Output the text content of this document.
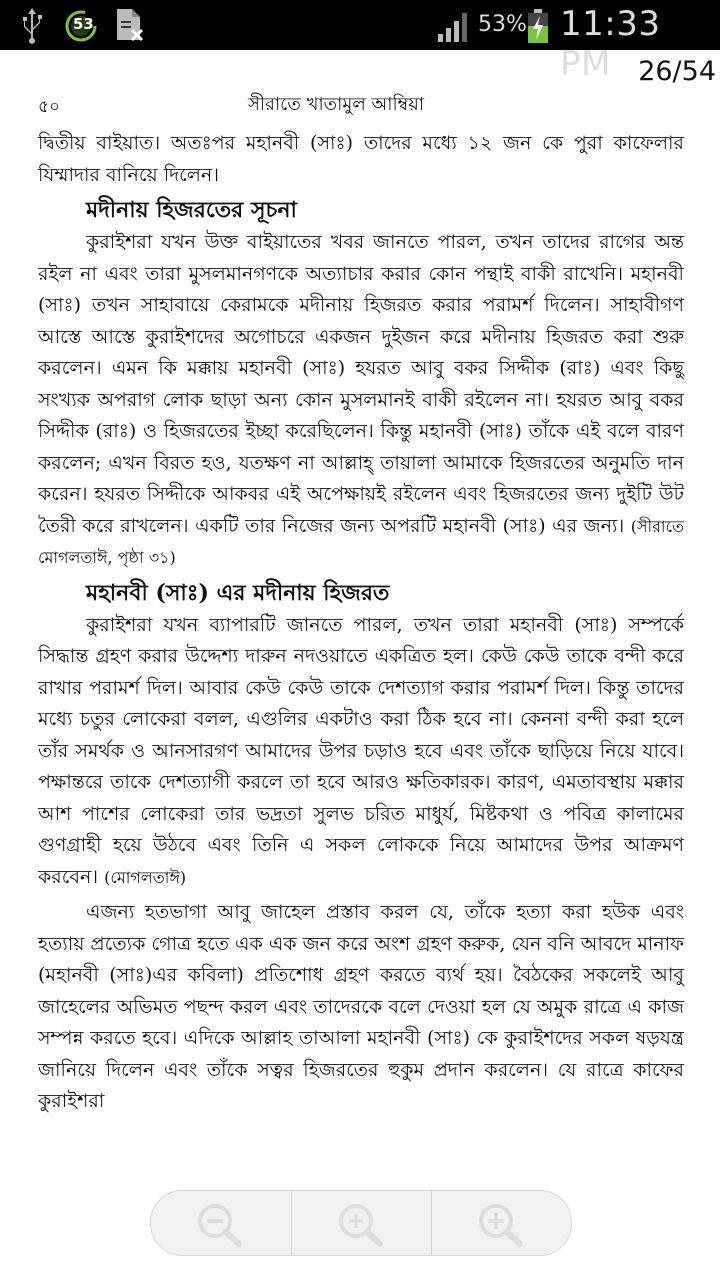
53	53% 11:33 PM	26/54
৫০	সীরাতে খাতামুল আম্বিয়া

দ্বিতীয় বাইয়াত। অতঃপর মহানবী (সাঃ) তাদের মধ্যে ১২ জন কে পুরা কাফেলার যিম্মাদার বানিয়ে দিলেন।

মদীনায় হিজরতের সূচনা

কুরাইশরা যখন উক্ত বাইয়াতের খবর জানতে পারল, তখন তাদের রাগের অন্ত রইল না এবং তারা মুসলমানগণকে অত্যাচার করার কোন পন্থাই বাকী রাখেনি। মহানবী (সাঃ) তখন সাহাবায়ে কেরামকে মদীনায় হিজরত করার পরামর্শ দিলেন। সাহাবীগণ আস্তে আস্তে কুরাইশদের অগোচরে একজন দুইজন করে মদীনায় হিজরত করা শুরু করলেন। এমন কি মক্কায় মহানবী (সাঃ) হযরত আবু বকর সিদ্দীক (রাঃ) এবং কিছু সংখ্যক অপরাগ লোক ছাড়া অন্য কোন মুসলমানই বাকী রইলেন না। হযরত আবু বকর সিদ্দীক (রাঃ) ও হিজরতের ইচ্ছা করেছিলেন। কিন্তু মহানবী (সাঃ) তাঁকে এই বলে বারণ করলেন; এখন বিরত হও, যতক্ষণ না আল্লাহ্ তায়ালা আমাকে হিজরতের অনুমতি দান করেন। হযরত সিদ্দীকে আকবর এই অপেক্ষায়ই রইলেন এবং হিজরতের জন্য দুইটি উট তৈরী করে রাখলেন। একটি তার নিজের জন্য অপরটি মহানবী (সাঃ) এর জন্য। (সীরাতে মোগলতাঈ, পৃষ্ঠা ৩১)

মহানবী (সাঃ) এর মদীনায় হিজরত

কুরাইশরা যখন ব্যাপারটি জানতে পারল, তখন তারা মহানবী (সাঃ) সম্পর্কে সিদ্ধান্ত গ্রহণ করার উদ্দেশ্য দারুন নদওয়াতে একত্রিত হল। কেউ কেউ তাকে বন্দী করে রাখার পরামর্শ দিল। আবার কেউ কেউ তাকে দেশত্যাগ করার পরামর্শ দিল। কিন্তু তাদের মধ্যে চতুর লোকেরা বলল, এগুলির একটাও করা ঠিক হবে না। কেননা বন্দী করা হলে তাঁর সমর্থক ও আনসারগণ আমাদের উপর চড়াও হবে এবং তাঁকে ছাড়িয়ে নিয়ে যাবে। পক্ষান্তরে তাকে দেশত্যাগী করলে তা হবে আরও ক্ষতিকারক। কারণ, এমতাবস্থায় মক্কার আশ পাশের লোকেরা তার ভদ্রতা সুলভ চরিত মাধুর্য, মিষ্টকথা ও পবিত্র কালামের গুণগ্রাহী হয়ে উঠবে এবং তিনি এ সকল লোককে নিয়ে আমাদের উপর আক্রমণ করবেন। (মোগলতাঈ)

এজন্য হতভাগা আবু জাহেল প্রস্তাব করল যে, তাঁকে হত্যা করা হউক এবং হত্যায় প্রত্যেক গোত্র হতে এক এক জন করে অংশ গ্রহণ করুক, যেন বনি আবদে মানাফ (মহানবী (সাঃ)এর কবিলা) প্রতিশোধ গ্রহণ করতে ব্যর্থ হয়। বৈঠকের সকলেই আবু জাহেলের অভিমত পছন্দ করল এবং তাদেরকে বলে দেওয়া হল যে অমুক রাত্রে এ কাজ সম্পন্ন করতে হবে। এদিকে আল্লাহ তাআলা মহানবী (সাঃ) কে কুরাইশদের সকল ষড়যন্ত্র জানিয়ে দিলেন এবং তাঁকে সত্বর হিজরতের হুকুম প্রদান করলেন। যে রাত্রে কাফের কুরাইশরা
